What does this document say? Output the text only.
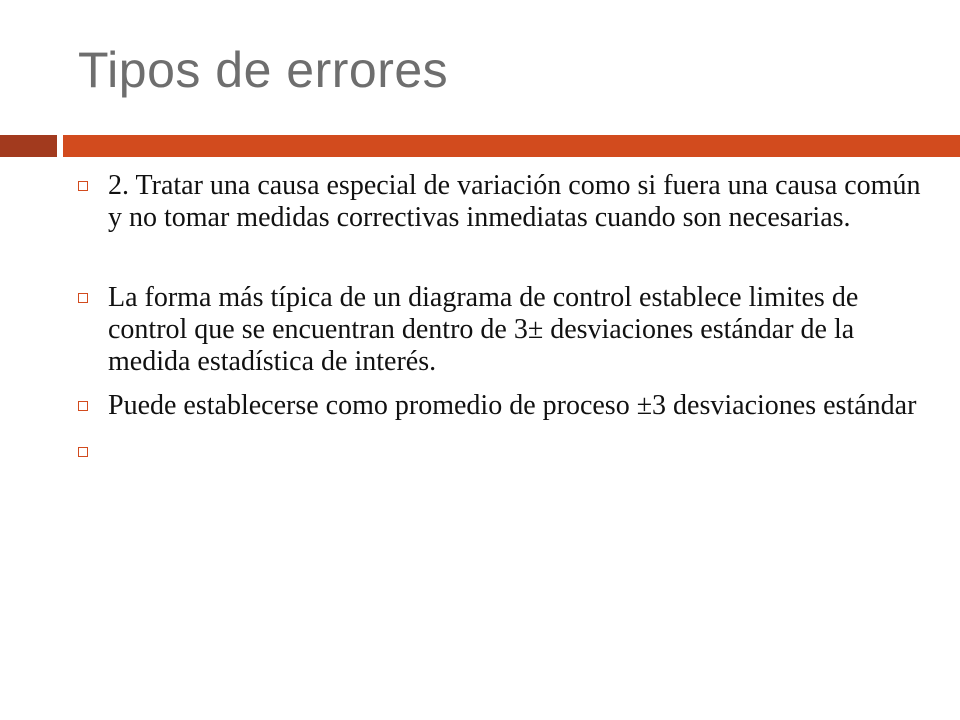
Tipos de errores
2. Tratar una causa especial de variación como si fuera una causa común y no tomar medidas correctivas inmediatas cuando son necesarias.
La forma más típica de un diagrama de control establece limites de control que se encuentran dentro de 3± desviaciones estándar de la medida estadística de interés.
Puede establecerse como promedio de proceso ±3 desviaciones estándar
